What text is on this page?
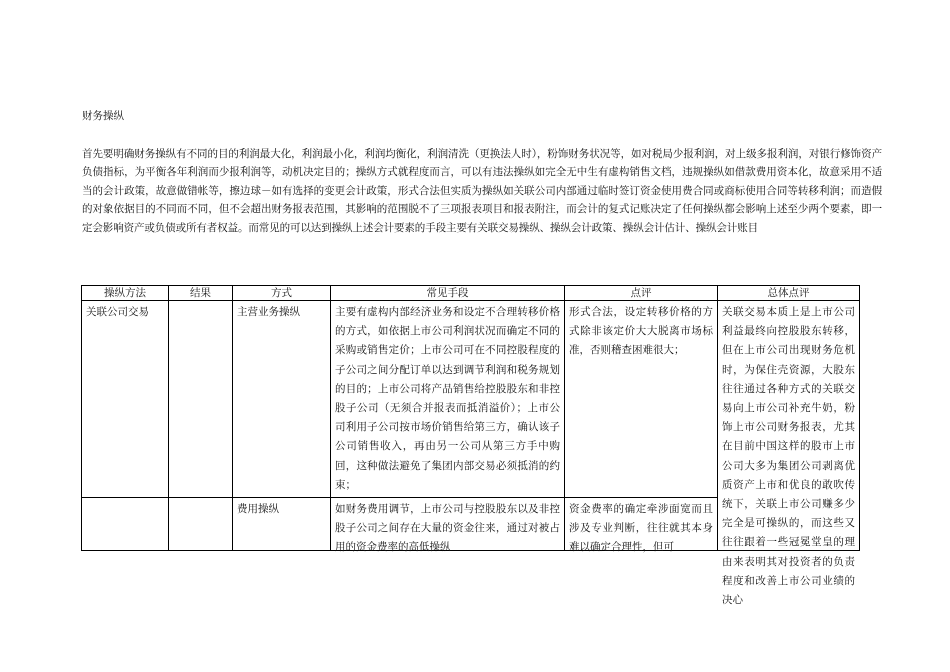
财务操纵
首先要明确财务操纵有不同的目的利润最大化，利润最小化，利润均衡化，利润清洗（更换法人时），粉饰财务状况等，如对税局少报利润，对上级多报利润，对银行修饰资产负债指标，为平衡各年利润而少报利润等，动机决定目的；操纵方式就程度而言，可以有违法操纵如完全无中生有虚构销售文档，违规操纵如借款费用资本化，故意采用不适当的会计政策，故意做错帐等，擦边球－如有选择的变更会计政策，形式合法但实质为操纵如关联公司内部通过临时签订资金使用费合同或商标使用合同等转移利润；而造假的对象依据目的不同而不同，但不会超出财务报表范围，其影响的范围脱不了三项报表项目和报表附注，而会计的复式记账决定了任何操纵都会影响上述至少两个要素，即一定会影响资产或负债或所有者权益。而常见的可以达到操纵上述会计要素的手段主要有关联交易操纵、操纵会计政策、操纵会计估计、操纵会计账目
操纵方法	结果	方式	常见手段	点评	总体点评
关联公司交易		主营业务操纵	主要有虚构内部经济业务和设定不合理转移价格的方式，如依据上市公司利润状况而确定不同的采购或销售定价；上市公司可在不同控股程度的子公司之间分配订单以达到调节利润和税务规划的目的；上市公司将产品销售给控股股东和非控股子公司（无须合并报表而抵消溢价）；上市公司利用子公司按市场价销售给第三方，确认该子公司销售收入，再由另一公司从第三方手中购回，这种做法避免了集团内部交易必须抵消的约束；	形式合法，设定转移价格的方式除非该定价大大脱离市场标准，否则稽查困难很大；	关联交易本质上是上市公司利益最终向控股股东转移，但在上市公司出现财务危机时，为保住壳资源，大股东往往通过各种方式的关联交易向上市公司补充牛奶，粉饰上市公司财务报表，尤其在目前中国这样的股市上市公司大多为集团公司剥离优质资产上市和优良的敢吹传统下，关联上市公司赚多少完全是可操纵的，而这些又往往跟着一些冠冕堂皇的理由来表明其对投资者的负责程度和改善上市公司业绩的决心

		费用操纵	如财务费用调节，上市公司与控股股东以及非控股子公司之间存在大量的资金往来，通过对被占用的资金费率的高低操纵	资金费率的确定牵涉面宽而且涉及专业判断，往往就其本身难以确定合理性，但可	
